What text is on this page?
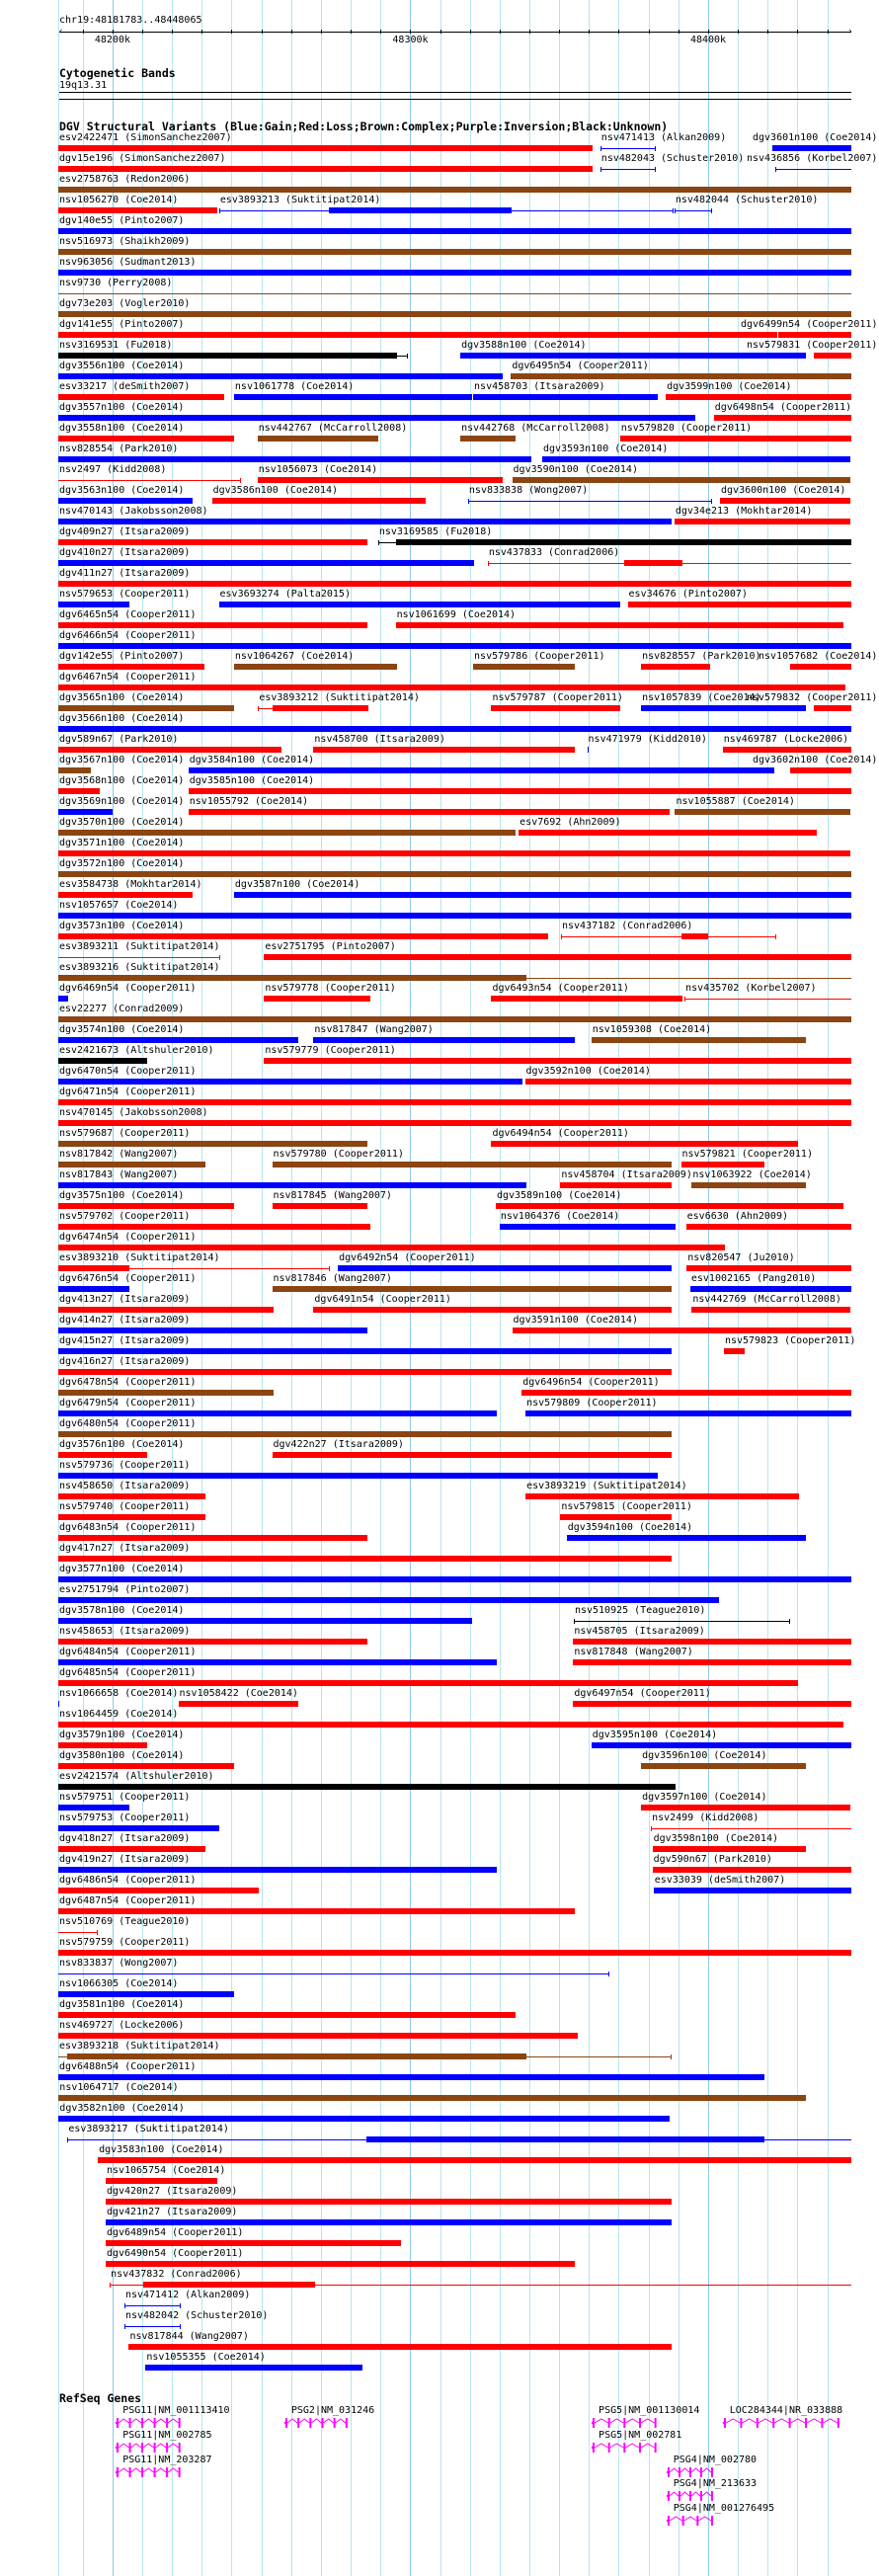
chr19:48181783..48448065
‹	›
48200k	48300k	48400k
Cytogenetic Bands
19q13.31
DGV Structural Variants (Blue:Gain;Red:Loss;Brown:Complex;Purple:Inversion;Black:Unknown)
esv2422471 (SimonSanchez2007)	nsv471413 (Alkan2009)	dgv3601n100 (Coe2014)
dgv15e196 (SimonSanchez2007)	nsv482043 (Schuster2010) nsv436856 (Korbel2007)
esv2758763 (Redon2006)
nsv1056270 (Coe2014)	esv3893213 (Suktitipat2014)	nsv482044 (Schuster2010)
dgv140e55 (Pinto2007)
nsv516973 (Shaikh2009)
nsv963056 (Sudmant2013)
nsv9730 (Perry2008)
dgv73e203 (Vogler2010)
dgv141e55 (Pinto2007)	dgv6499n54 (Cooper2011)
nsv3169531 (Fu2018)	dgv3588n100 (Coe2014)	nsv579831 (Cooper2011)
dgv3556n100 (Coe2014)	dgv6495n54 (Cooper2011)
esv33217 (deSmith2007)	nsv1061778 (Coe2014)	nsv458703 (Itsara2009)	dgv3599n100 (Coe2014)
dgv3557n100 (Coe2014)	dgv6498n54 (Cooper2011)
dgv3558n100 (Coe2014)	nsv442767 (McCarroll2008)	nsv442768 (McCarroll2008) nsv579820 (Cooper2011)
nsv828554 (Park2010)	dgv3593n100 (Coe2014)
nsv2497 (Kidd2008)	nsv1056073 (Coe2014)	dgv3590n100 (Coe2014)
dgv3563n100 (Coe2014)	dgv3586n100 (Coe2014)	nsv833838 (Wong2007)	dgv3600n100 (Coe2014)
nsv470143 (Jakobsson2008)	dgv34e213 (Mokhtar2014)
dgv409n27 (Itsara2009)	nsv3169585 (Fu2018)
dgv410n27 (Itsara2009)	nsv437833 (Conrad2006)
dgv411n27 (Itsara2009)
nsv579653 (Cooper2011)	esv3693274 (Palta2015)	esv34676 (Pinto2007)
dgv6465n54 (Cooper2011)	nsv1061699 (Coe2014)
dgv6466n54 (Cooper2011)
dgv142e55 (Pinto2007)	nsv1064267 (Coe2014)	nsv579786 (Cooper2011)	nsv828557 (Park2010)
nsv1057682 (Coe2014)
dgv6467n54 (Cooper2011)
dgv3565n100 (Coe2014)	esv3893212 (Suktitipat2014)	nsv579787 (Cooper2011) nsv1057839 (Coe2014)
nsv579832 (Cooper2011)
dgv3566n100 (Coe2014)
dgv589n67 (Park2010)	nsv458700 (Itsara2009)	nsv471979 (Kidd2010) nsv469787 (Locke2006)
dgv3567n100 (Coe2014) dgv3584n100 (Coe2014)	dgv3602n100 (Coe2014)
dgv3568n100 (Coe2014) dgv3585n100 (Coe2014)
dgv3569n100 (Coe2014) nsv1055792 (Coe2014)	nsv1055887 (Coe2014)
dgv3570n100 (Coe2014)	esv7692 (Ahn2009)
dgv3571n100 (Coe2014)
dgv3572n100 (Coe2014)
esv3584738 (Mokhtar2014)	dgv3587n100 (Coe2014)
nsv1057657 (Coe2014)
dgv3573n100 (Coe2014)	nsv437182 (Conrad2006)
esv3893211 (Suktitipat2014)	esv2751795 (Pinto2007)
esv3893216 (Suktitipat2014)
dgv6469n54 (Cooper2011)	nsv579778 (Cooper2011)	dgv6493n54 (Cooper2011)	nsv435702 (Korbel2007)
esv22277 (Conrad2009)
dgv3574n100 (Coe2014)	nsv817847 (Wang2007)	nsv1059308 (Coe2014)
esv2421673 (Altshuler2010)	nsv579779 (Cooper2011)
dgv6470n54 (Cooper2011)	dgv3592n100 (Coe2014)
dgv6471n54 (Cooper2011)
nsv470145 (Jakobsson2008)
nsv579687 (Cooper2011)	dgv6494n54 (Cooper2011)
nsv817842 (Wang2007)	nsv579780 (Cooper2011)	nsv579821 (Cooper2011)
nsv817843 (Wang2007)	nsv458704 (Itsara2009) nsv1063922 (Coe2014)
dgv3575n100 (Coe2014)	nsv817845 (Wang2007)	dgv3589n100 (Coe2014)
nsv579702 (Cooper2011)	nsv1064376 (Coe2014)	esv6630 (Ahn2009)
dgv6474n54 (Cooper2011)
esv3893210 (Suktitipat2014)	dgv6492n54 (Cooper2011)	nsv820547 (Ju2010)
dgv6476n54 (Cooper2011)	nsv817846 (Wang2007)	esv1002165 (Pang2010)
dgv413n27 (Itsara2009)	dgv6491n54 (Cooper2011)	nsv442769 (McCarroll2008)
dgv414n27 (Itsara2009)	dgv3591n100 (Coe2014)
dgv415n27 (Itsara2009)	nsv579823 (Cooper2011)
dgv416n27 (Itsara2009)
dgv6478n54 (Cooper2011)	dgv6496n54 (Cooper2011)
dgv6479n54 (Cooper2011)	nsv579809 (Cooper2011)
dgv6480n54 (Cooper2011)
dgv3576n100 (Coe2014)	dgv422n27 (Itsara2009)
nsv579736 (Cooper2011)
nsv458650 (Itsara2009)	esv3893219 (Suktitipat2014)
nsv579740 (Cooper2011)	nsv579815 (Cooper2011)
dgv6483n54 (Cooper2011)	dgv3594n100 (Coe2014)
dgv417n27 (Itsara2009)
dgv3577n100 (Coe2014)
esv2751794 (Pinto2007)
dgv3578n100 (Coe2014)	nsv510925 (Teague2010)
nsv458653 (Itsara2009)	nsv458705 (Itsara2009)
dgv6484n54 (Cooper2011)	nsv817848 (Wang2007)
dgv6485n54 (Cooper2011)
nsv1066658 (Coe2014) nsv1058422 (Coe2014)	dgv6497n54 (Cooper2011)
nsv1064459 (Coe2014)
dgv3579n100 (Coe2014)	dgv3595n100 (Coe2014)
dgv3580n100 (Coe2014)	dgv3596n100 (Coe2014)
esv2421574 (Altshuler2010)
nsv579751 (Cooper2011)	dgv3597n100 (Coe2014)
nsv579753 (Cooper2011)	nsv2499 (Kidd2008)
dgv418n27 (Itsara2009)	dgv3598n100 (Coe2014)
dgv419n27 (Itsara2009)	dgv590n67 (Park2010)
dgv6486n54 (Cooper2011)	esv33039 (deSmith2007)
dgv6487n54 (Cooper2011)
nsv510769 (Teague2010)
nsv579759 (Cooper2011)
nsv833837 (Wong2007)
nsv1066305 (Coe2014)
dgv3581n100 (Coe2014)
nsv469727 (Locke2006)
esv3893218 (Suktitipat2014)
dgv6488n54 (Cooper2011)
nsv1064717 (Coe2014)
dgv3582n100 (Coe2014)
esv3893217 (Suktitipat2014)
dgv3583n100 (Coe2014)
nsv1065754 (Coe2014)
dgv420n27 (Itsara2009)
dgv421n27 (Itsara2009)
dgv6489n54 (Cooper2011)
dgv6490n54 (Cooper2011)
nsv437832 (Conrad2006)
nsv471412 (Alkan2009)
nsv482042 (Schuster2010)
nsv817844 (Wang2007)
nsv1055355 (Coe2014)
RefSeq Genes
PSG11|NM_001113410	PSG2|NM_031246	PSG5|NM_001130014	LOC284344|NR_033888
PSG11|NM_002785	PSG5|NM_002781
PSG11|NM_203287	PSG4|NM_002780
PSG4|NM_213633
PSG4|NM_001276495
